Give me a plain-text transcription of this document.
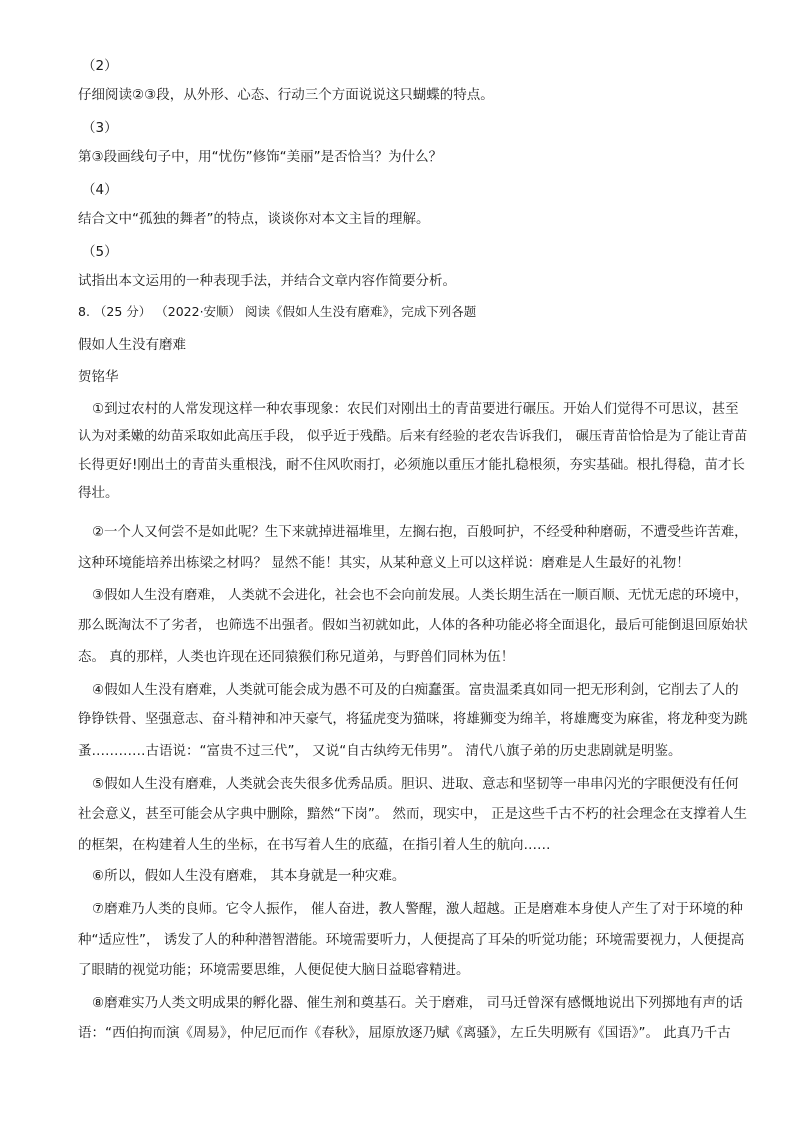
（2）
仔细阅读②③段，从外形、心态、行动三个方面说说这只蝴蝶的特点。
（3）
第③段画线句子中，用“忧伤”修饰“美丽”是否恰当？为什么？
（4）
结合文中“孤独的舞者”的特点，谈谈你对本文主旨的理解。
（5）
试指出本文运用的一种表现手法，并结合文章内容作简要分析。
8. （25 分） （2022·安顺） 阅读《假如人生没有磨难》，完成下列各题
假如人生没有磨难
贺铭华
①到过农村的人常发现这样一种农事现象：农民们对刚出土的青苗要进行碾压。开始人们觉得不可思议，甚至
认为对柔嫩的幼苗采取如此高压手段， 似乎近于残酷。后来有经验的老农告诉我们， 碾压青苗恰恰是为了能让青苗
长得更好!刚出土的青苗头重根浅，耐不住风吹雨打，必须施以重压才能扎稳根须，夯实基础。根扎得稳，苗才长
得壮。
②一个人又何尝不是如此呢？生下来就掉进福堆里，左搁右抱，百般呵护，不经受种种磨砺，不遭受些许苦难，
这种环境能培养出栋梁之材吗？ 显然不能！其实，从某种意义上可以这样说：磨难是人生最好的礼物！
③假如人生没有磨难， 人类就不会进化，社会也不会向前发展。人类长期生活在一顺百顺、无忧无虑的环境中，
那么既淘汰不了劣者， 也筛选不出强者。假如当初就如此，人体的各种功能必将全面退化，最后可能倒退回原始状
态。 真的那样，人类也许现在还同猿猴们称兄道弟，与野兽们同林为伍！
④假如人生没有磨难，人类就可能会成为愚不可及的白痴蠢蛋。富贵温柔真如同一把无形利剑，它削去了人的
铮铮铁骨、坚强意志、奋斗精神和冲天豪气，将猛虎变为猫咪，将雄狮变为绵羊，将雄鹰变为麻雀，将龙种变为跳
蚤…………古语说：“富贵不过三代”， 又说“自古纨绔无伟男”。 清代八旗子弟的历史悲剧就是明鉴。
⑤假如人生没有磨难，人类就会丧失很多优秀品质。胆识、进取、意志和坚韧等一串串闪光的字眼便没有任何
社会意义，甚至可能会从字典中删除，黯然“下岗”。 然而，现实中， 正是这些千古不朽的社会理念在支撑着人生
的框架，在构建着人生的坐标，在书写着人生的底蕴，在指引着人生的航向……
⑥所以，假如人生没有磨难， 其本身就是一种灾难。
⑦磨难乃人类的良师。它令人振作， 催人奋进，教人警醒，激人超越。正是磨难本身使人产生了对于环境的种
种“适应性”， 诱发了人的种种潜智潜能。环境需要听力，人便提高了耳朵的听觉功能；环境需要视力，人便提高
了眼睛的视觉功能；环境需要思维，人便促使大脑日益聪睿精进。
⑧磨难实乃人类文明成果的孵化器、催生剂和奠基石。关于磨难， 司马迁曾深有感慨地说出下列掷地有声的话
语：“西伯拘而演《周易》，仲尼厄而作《春秋》，屈原放逐乃赋《离骚》，左丘失明厥有《国语》”。 此真乃千古
